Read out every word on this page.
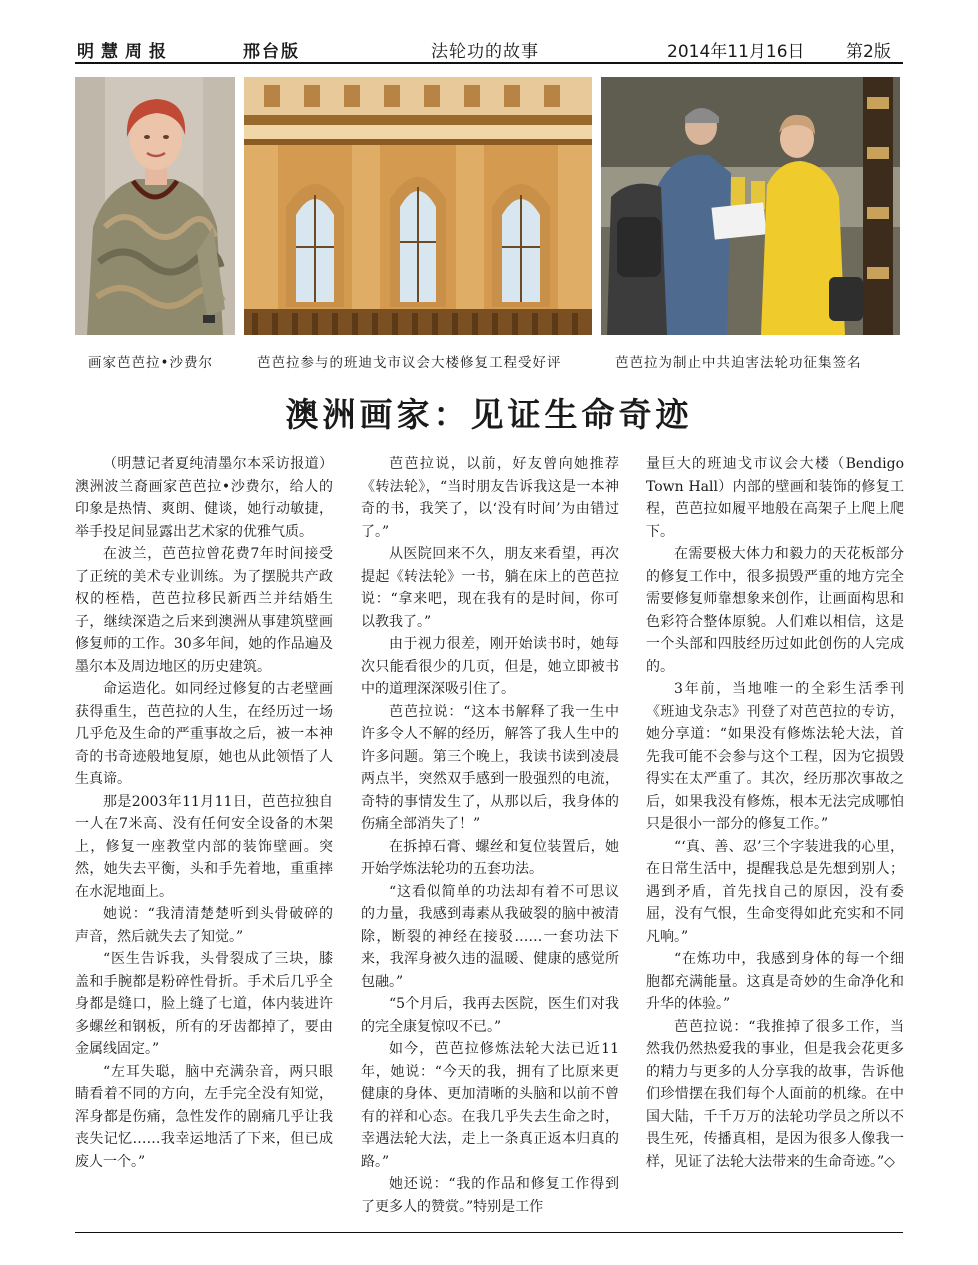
明慧周报	邢台版	法轮功的故事	2014年11月16日 第2版
画家芭芭拉•沙费尔	芭芭拉参与的班迪戈市议会大楼修复工程受好评	芭芭拉为制止中共迫害法轮功征集签名
澳洲画家：见证生命奇迹

（明慧记者夏纯清墨尔本采访报道）澳洲波兰裔画家芭芭拉•沙费尔，给人的印象是热情、爽朗、健谈，她行动敏捷，举手投足间显露出艺术家的优雅气质。

在波兰，芭芭拉曾花费7年时间接受了正统的美术专业训练。为了摆脱共产政权的桎梏，芭芭拉移民新西兰并结婚生子，继续深造之后来到澳洲从事建筑壁画修复师的工作。30多年间，她的作品遍及墨尔本及周边地区的历史建筑。

命运造化。如同经过修复的古老壁画获得重生，芭芭拉的人生，在经历过一场几乎危及生命的严重事故之后，被一本神奇的书奇迹般地复原，她也从此领悟了人生真谛。

那是2003年11月11日，芭芭拉独自一人在7米高、没有任何安全设备的木架上，修复一座教堂内部的装饰壁画。突然，她失去平衡，头和手先着地，重重摔在水泥地面上。

她说：“我清清楚楚听到头骨破碎的声音，然后就失去了知觉。”

“医生告诉我，头骨裂成了三块，膝盖和手腕都是粉碎性骨折。手术后几乎全身都是缝口，脸上缝了七道，体内装进许多螺丝和钢板，所有的牙齿都掉了，要由金属线固定。”

“左耳失聪，脑中充满杂音，两只眼睛看着不同的方向，左手完全没有知觉，浑身都是伤痛，急性发作的剧痛几乎让我丧失记忆……我幸运地活了下来，但已成废人一个。”

芭芭拉说，以前，好友曾向她推荐《转法轮》，“当时朋友告诉我这是一本神奇的书，我笑了，以‘没有时间’为由错过了。”

从医院回来不久，朋友来看望，再次提起《转法轮》一书，躺在床上的芭芭拉说：“拿来吧，现在我有的是时间，你可以教我了。”

由于视力很差，刚开始读书时，她每次只能看很少的几页，但是，她立即被书中的道理深深吸引住了。

芭芭拉说：“这本书解释了我一生中许多令人不解的经历，解答了我人生中的许多问题。第三个晚上，我读书读到凌晨两点半，突然双手感到一股强烈的电流，奇特的事情发生了，从那以后，我身体的伤痛全部消失了！”

在拆掉石膏、螺丝和复位装置后，她开始学炼法轮功的五套功法。

“这看似简单的功法却有着不可思议的力量，我感到毒素从我破裂的脑中被清除，断裂的神经在接驳……一套功法下来，我浑身被久违的温暖、健康的感觉所包融。”

“5个月后，我再去医院，医生们对我的完全康复惊叹不已。”

如今，芭芭拉修炼法轮大法已近11年，她说：“今天的我，拥有了比原来更健康的身体、更加清晰的头脑和以前不曾有的祥和心态。在我几乎失去生命之时，幸遇法轮大法，走上一条真正返本归真的路。”

她还说：“我的作品和修复工作得到了更多人的赞赏。”特别是工作

量巨大的班迪戈市议会大楼（Bendigo Town Hall）内部的壁画和装饰的修复工程，芭芭拉如履平地般在高架子上爬上爬下。

在需要极大体力和毅力的天花板部分的修复工作中，很多损毁严重的地方完全需要修复师靠想象来创作，让画面构思和色彩符合整体原貌。人们难以相信，这是一个头部和四肢经历过如此创伤的人完成的。

3年前，当地唯一的全彩生活季刊《班迪戈杂志》刊登了对芭芭拉的专访，她分享道：“如果没有修炼法轮大法，首先我可能不会参与这个工程，因为它损毁得实在太严重了。其次，经历那次事故之后，如果我没有修炼，根本无法完成哪怕只是很小一部分的修复工作。”

“‘真、善、忍’三个字装进我的心里，在日常生活中，提醒我总是先想到别人；遇到矛盾，首先找自己的原因，没有委屈，没有气恨，生命变得如此充实和不同凡响。”

“在炼功中，我感到身体的每一个细胞都充满能量。这真是奇妙的生命净化和升华的体验。”

芭芭拉说：“我推掉了很多工作，当然我仍然热爱我的事业，但是我会花更多的精力与更多的人分享我的故事，告诉他们珍惜摆在我们每个人面前的机缘。在中国大陆，千千万万的法轮功学员之所以不畏生死，传播真相，是因为很多人像我一样，见证了法轮大法带来的生命奇迹。”◇
